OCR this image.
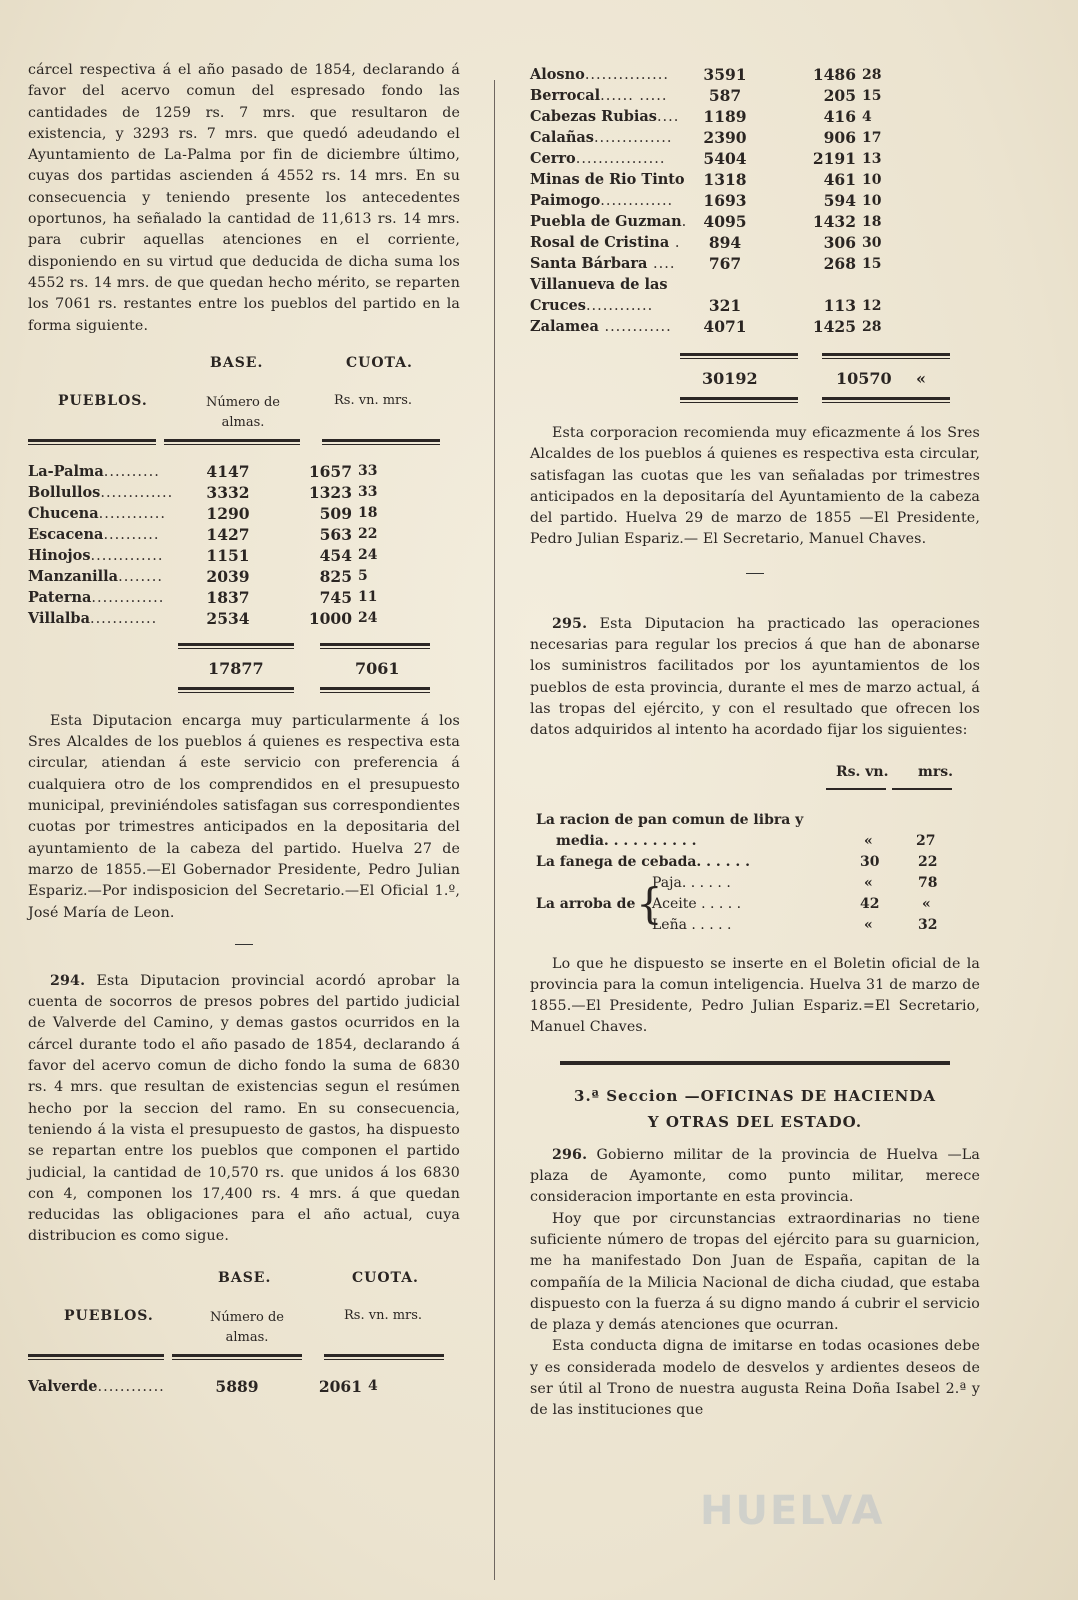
cárcel respectiva á el año pasado de 1854, declarando á favor del acervo comun del espresado fondo las cantidades de 1259 rs. 7 mrs. que resultaron de existencia, y 3293 rs. 7 mrs. que quedó adeudando el Ayuntamiento de La-Palma por fin de diciembre último, cuyas dos partidas ascienden á 4552 rs. 14 mrs. En su consecuencia y teniendo presente los antecedentes oportunos, ha señalado la cantidad de 11,613 rs. 14 mrs. para cubrir aquellas atenciones en el corriente, disponiendo en su virtud que deducida de dicha suma los 4552 rs. 14 mrs. de que quedan hecho mérito, se reparten los 7061 rs. restantes entre los pueblos del partido en la forma siguiente.

BASE.	CUOTA.
PUEBLOS.	Número de almas.
Rs. vn. mrs.
La-Palma..........	4147	1657	33	
Bollullos.............	3332	1323	33	
Chucena............	1290	509	18	
Escacena..........	1427	563	22	
Hinojos.............	1151	454	24	
Manzanilla........	2039	825	5	
Paterna.............	1837	745	11	
Villalba............	2534	1000	24	
17877	7061

Esta Diputacion encarga muy particularmente á los Sres Alcaldes de los pueblos á quienes es respectiva esta circular, atiendan á este servicio con preferencia á cualquiera otro de los comprendidos en el presupuesto municipal, previniéndoles satisfagan sus correspondientes cuotas por trimestres anticipados en la depositaria del ayuntamiento de la cabeza del partido. Huelva 27 de marzo de 1855.—El Gobernador Presidente, Pedro Julian Espariz.—Por indisposicion del Secretario.—El Oficial 1.º, José María de Leon.

294. Esta Diputacion provincial acordó aprobar la cuenta de socorros de presos pobres del partido judicial de Valverde del Camino, y demas gastos ocurridos en la cárcel durante todo el año pasado de 1854, declarando á favor del acervo comun de dicho fondo la suma de 6830 rs. 4 mrs. que resultan de existencias segun el resúmen hecho por la seccion del ramo. En su consecuencia, teniendo á la vista el presupuesto de gastos, ha dispuesto se repartan entre los pueblos que componen el partido judicial, la cantidad de 10,570 rs. que unidos á los 6830 con 4, componen los 17,400 rs. 4 mrs. á que quedan reducidas las obligaciones para el año actual, cuya distribucion es como sigue.

BASE.	CUOTA.
PUEBLOS.	Número de almas.
Rs. vn. mrs.
Valverde............	5889	2061	4	
Alosno...............	3591	1486	28	
Berrocal...... .....	587	205	15	
Cabezas Rubias....	1189	416	4	
Calañas..............	2390	906	17	
Cerro................	5404	2191	13	
Minas de Rio Tinto	1318	461	10	
Paimogo.............	1693	594	10	
Puebla de Guzman.	4095	1432	18	
Rosal de Cristina .	894	306	30	
Santa Bárbara ....	767	268	15	
Villanueva de las				
Cruces............	321	113	12	
Zalamea ............	4071	1425	28	
30192	10570 «

Esta corporacion recomienda muy eficazmente á los Sres Alcaldes de los pueblos á quienes es respectiva esta circular, satisfagan las cuotas que les van señaladas por trimestres anticipados en la depositaría del Ayuntamiento de la cabeza del partido. Huelva 29 de marzo de 1855 —El Presidente, Pedro Julian Espariz.— El Secretario, Manuel Chaves.

295. Esta Diputacion ha practicado las operaciones necesarias para regular los precios á que han de abonarse los suministros facilitados por los ayuntamientos de los pueblos de esta provincia, durante el mes de marzo actual, á las tropas del ejército, y con el resultado que ofrecen los datos adquiridos al intento ha acordado fijar los siguientes:

Rs. vn. mrs.
La racion de pan comun de libra y
media. . . . . . . . . .	«	27
La fanega de cebada. . . . . .	30	22
La arroba de {
Paja. . . . . .	«	78
Aceite . . . . .	42	«
Leña . . . . .	«	32

Lo que he dispuesto se inserte en el Boletin oficial de la provincia para la comun inteligencia. Huelva 31 de marzo de 1855.—El Presidente, Pedro Julian Espariz.=El Secretario, Manuel Chaves.

3.ª Seccion —OFICINAS DE HACIENDA
Y OTRAS DEL ESTADO.

296. Gobierno militar de la provincia de Huelva —La plaza de Ayamonte, como punto militar, merece consideracion importante en esta provincia.

Hoy que por circunstancias extraordinarias no tiene suficiente número de tropas del ejército para su guarnicion, me ha manifestado Don Juan de España, capitan de la compañía de la Milicia Nacional de dicha ciudad, que estaba dispuesto con la fuerza á su digno mando á cubrir el servicio de plaza y demás atenciones que ocurran.

Esta conducta digna de imitarse en todas ocasiones debe y es considerada modelo de desvelos y ardientes deseos de ser útil al Trono de nuestra augusta Reina Doña Isabel 2.ª y de las instituciones que

HUELVA
